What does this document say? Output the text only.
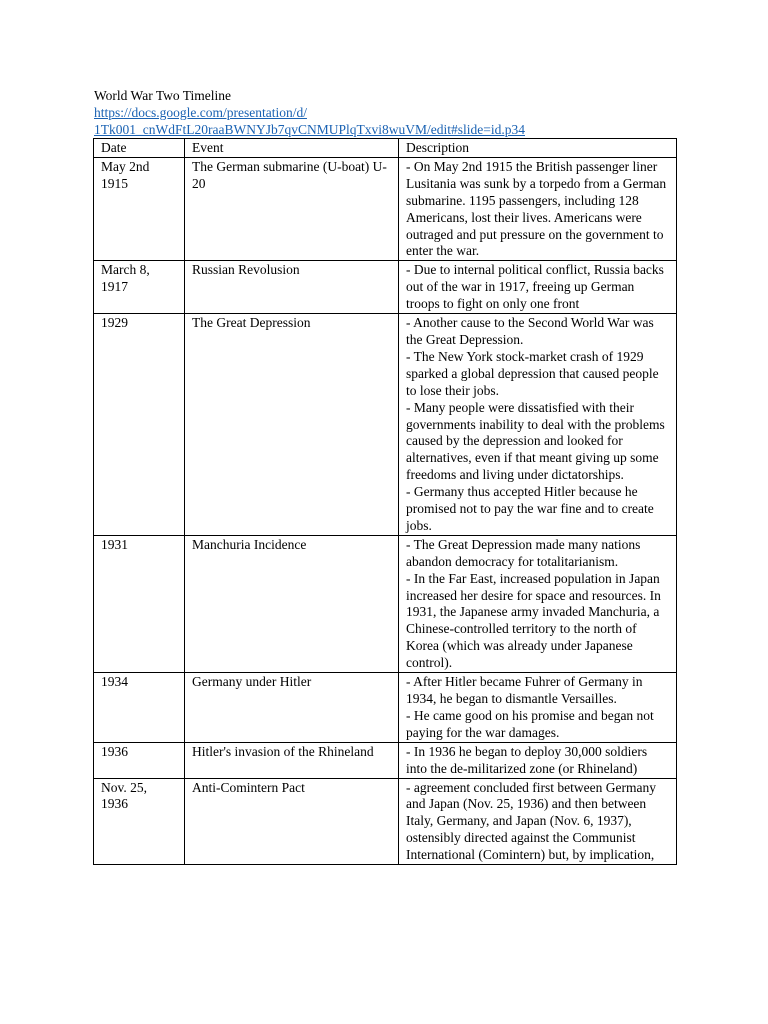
World War Two Timeline
https://docs.google.com/presentation/d/
1Tk001_cnWdFtL20raaBWNYJb7qvCNMUPlqTxvi8wuVM/edit#slide=id.p34
Date	Event	Description
May 2nd 1915	The German submarine (U-boat) U-20	- On May 2nd 1915 the British passenger liner Lusitania was sunk by a torpedo from a German submarine. 1195 passengers, including 128 Americans, lost their lives. Americans were outraged and put pressure on the government to enter the war.

March 8, 1917	Russian Revolusion	- Due to internal political conflict, Russia backs out of the war in 1917, freeing up German troops to fight on only one front

1929	The Great Depression	- Another cause to the Second World War was the Great Depression.
- The New York stock-market crash of 1929 sparked a global depression that caused people to lose their jobs.
- Many people were dissatisfied with their governments inability to deal with the problems caused by the depression and looked for alternatives, even if that meant giving up some freedoms and living under dictatorships.
- Germany thus accepted Hitler because he promised not to pay the war fine and to create jobs.

1931	Manchuria Incidence	- The Great Depression made many nations abandon democracy for totalitarianism.
- In the Far East, increased population in Japan increased her desire for space and resources. In 1931, the Japanese army invaded Manchuria, a Chinese-controlled territory to the north of Korea (which was already under Japanese control).

1934	Germany under Hitler	- After Hitler became Fuhrer of Germany in 1934, he began to dismantle Versailles.
- He came good on his promise and began not paying for the war damages.

1936	Hitler's invasion of the Rhineland	- In 1936 he began to deploy 30,000 soldiers into the de-militarized zone (or Rhineland)

Nov. 25, 1936	Anti-Comintern Pact	- agreement concluded first between Germany and Japan (Nov. 25, 1936) and then between Italy, Germany, and Japan (Nov. 6, 1937), ostensibly directed against the Communist International (Comintern) but, by implication,
